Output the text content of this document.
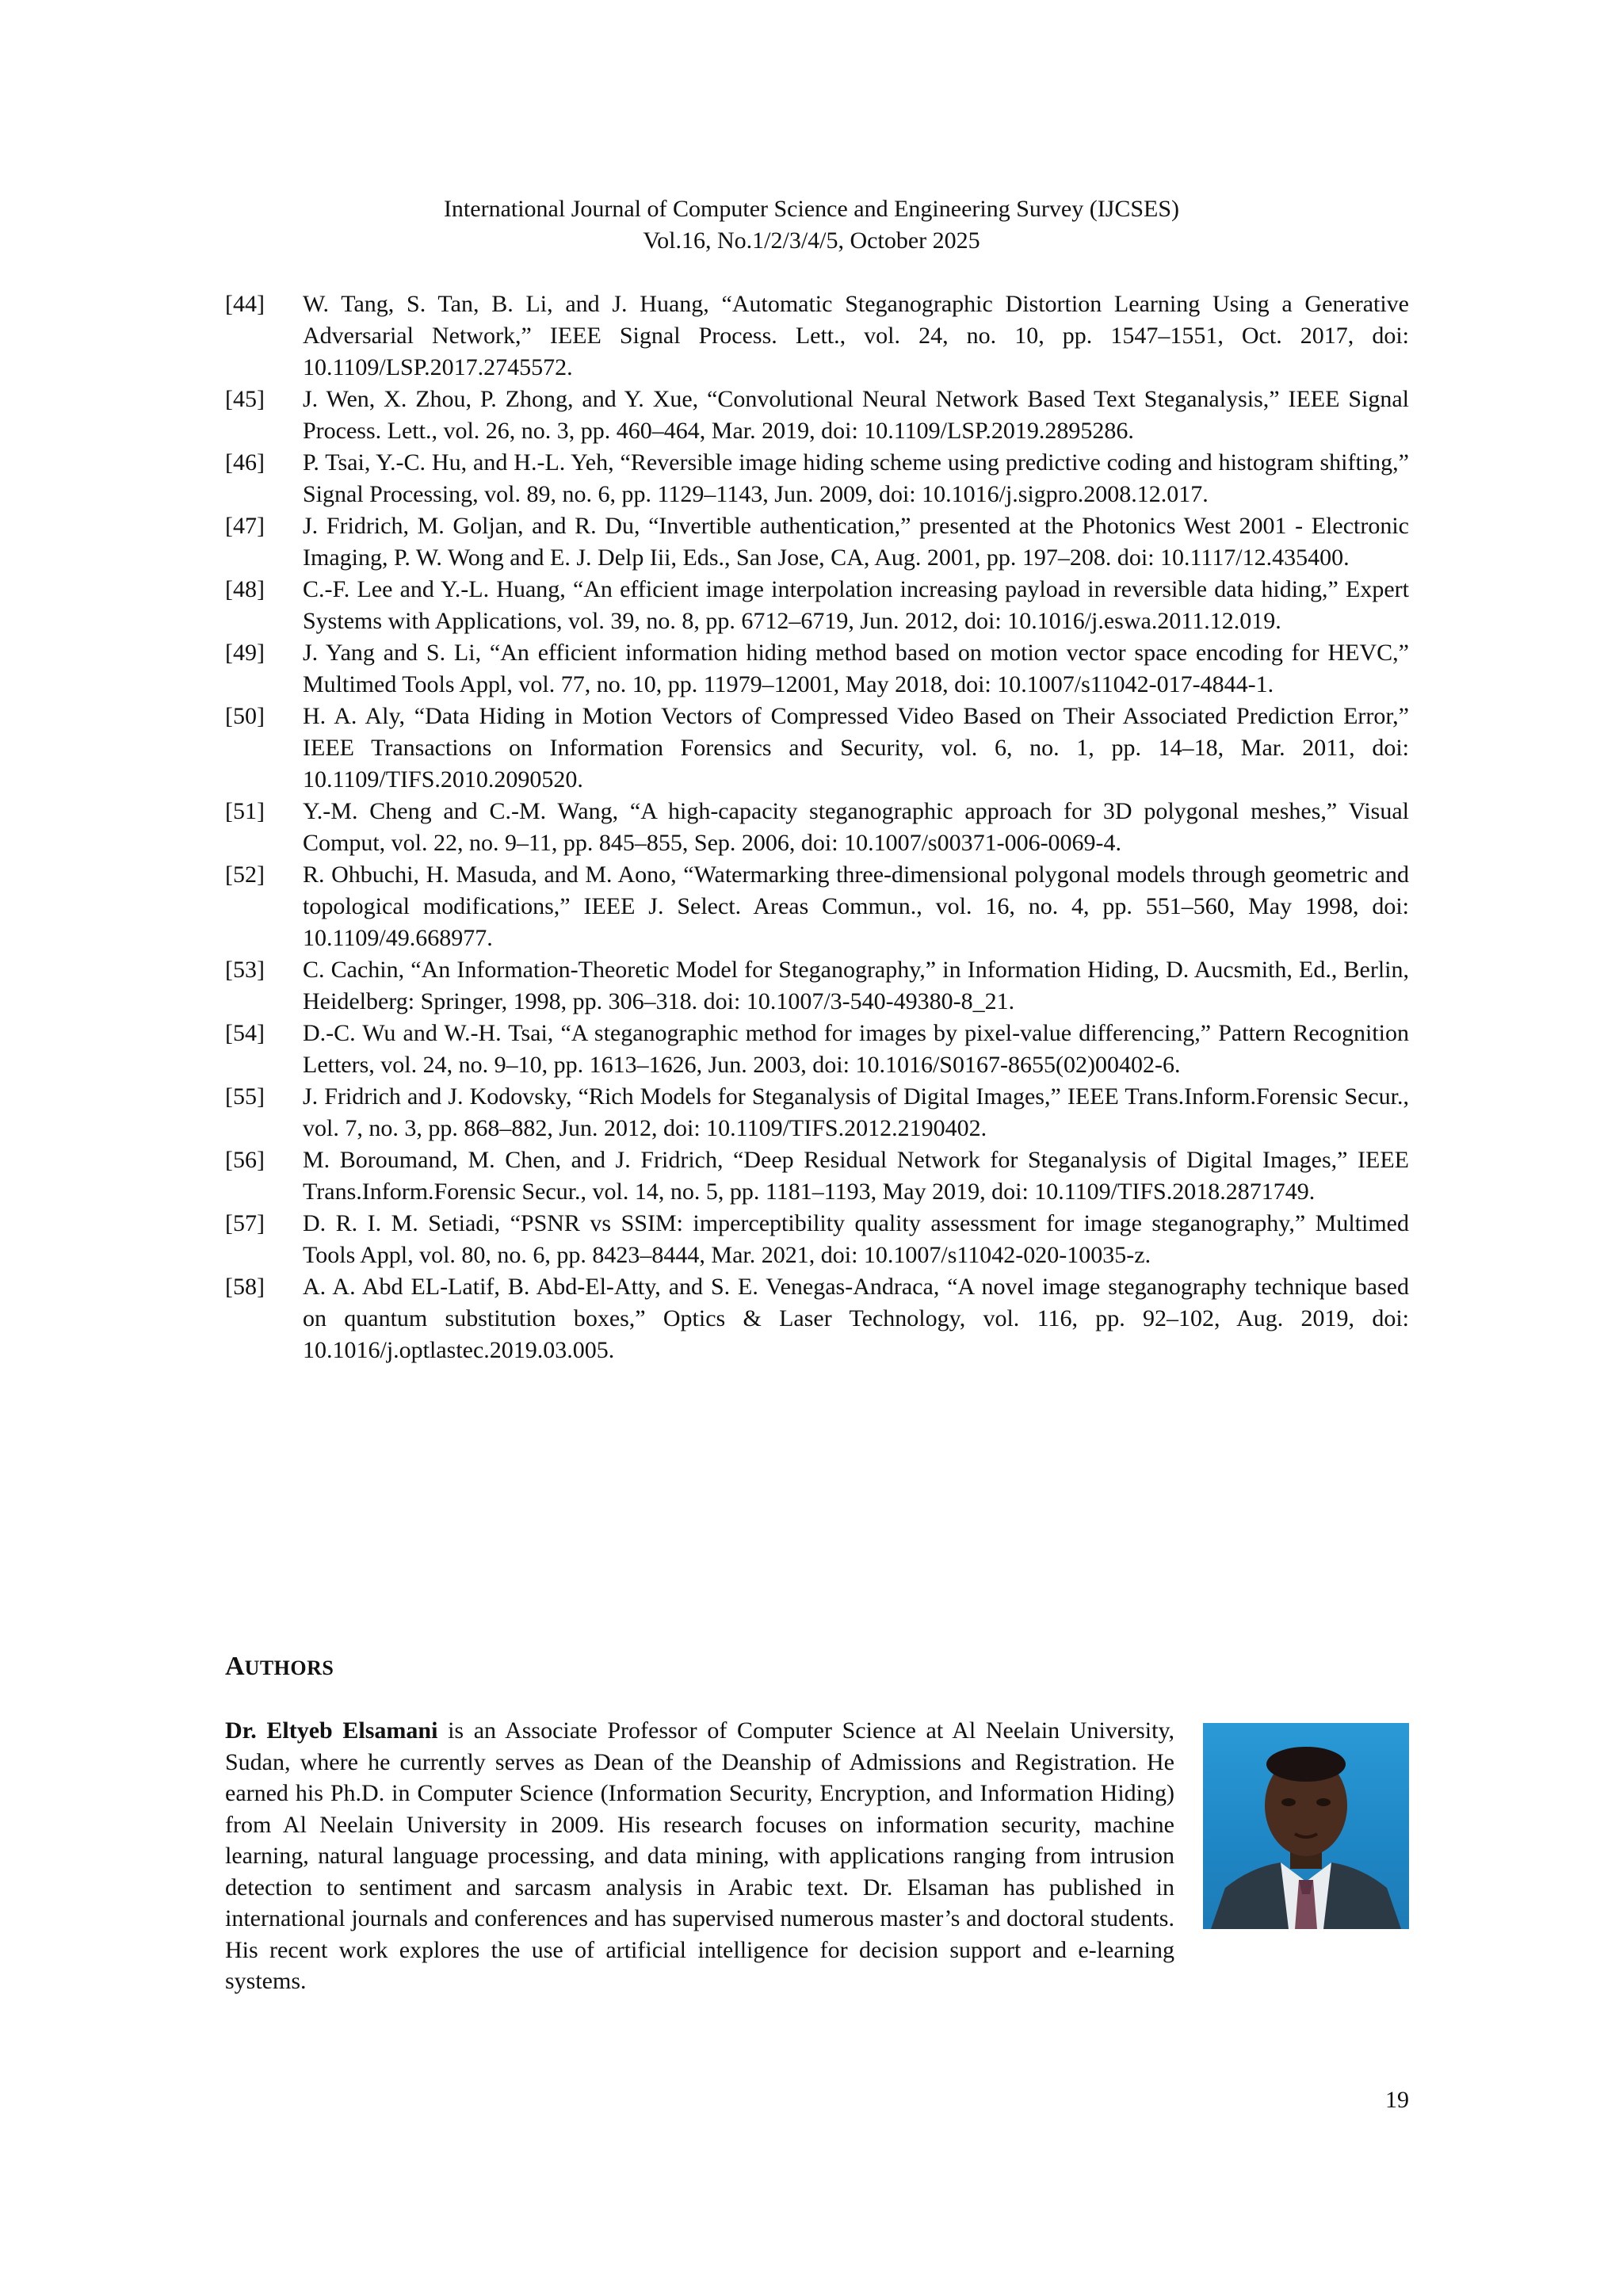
International Journal of Computer Science and Engineering Survey (IJCSES)
Vol.16, No.1/2/3/4/5, October 2025
[44]	W. Tang, S. Tan, B. Li, and J. Huang, “Automatic Steganographic Distortion Learning Using a Generative Adversarial Network,” IEEE Signal Process. Lett., vol. 24, no. 10, pp. 1547–1551, Oct. 2017, doi: 10.1109/LSP.2017.2745572.
[45]	J. Wen, X. Zhou, P. Zhong, and Y. Xue, “Convolutional Neural Network Based Text Steganalysis,” IEEE Signal Process. Lett., vol. 26, no. 3, pp. 460–464, Mar. 2019, doi: 10.1109/LSP.2019.2895286.
[46]	P. Tsai, Y.-C. Hu, and H.-L. Yeh, “Reversible image hiding scheme using predictive coding and histogram shifting,” Signal Processing, vol. 89, no. 6, pp. 1129–1143, Jun. 2009, doi: 10.1016/j.sigpro.2008.12.017.
[47]	J. Fridrich, M. Goljan, and R. Du, “Invertible authentication,” presented at the Photonics West 2001 - Electronic Imaging, P. W. Wong and E. J. Delp Iii, Eds., San Jose, CA, Aug. 2001, pp. 197–208. doi: 10.1117/12.435400.
[48]	C.-F. Lee and Y.-L. Huang, “An efficient image interpolation increasing payload in reversible data hiding,” Expert Systems with Applications, vol. 39, no. 8, pp. 6712–6719, Jun. 2012, doi: 10.1016/j.eswa.2011.12.019.
[49]	J. Yang and S. Li, “An efficient information hiding method based on motion vector space encoding for HEVC,” Multimed Tools Appl, vol. 77, no. 10, pp. 11979–12001, May 2018, doi: 10.1007/s11042-017-4844-1.
[50]	H. A. Aly, “Data Hiding in Motion Vectors of Compressed Video Based on Their Associated Prediction Error,” IEEE Transactions on Information Forensics and Security, vol. 6, no. 1, pp. 14–18, Mar. 2011, doi: 10.1109/TIFS.2010.2090520.
[51]	Y.-M. Cheng and C.-M. Wang, “A high-capacity steganographic approach for 3D polygonal meshes,” Visual Comput, vol. 22, no. 9–11, pp. 845–855, Sep. 2006, doi: 10.1007/s00371-006-0069-4.
[52]	R. Ohbuchi, H. Masuda, and M. Aono, “Watermarking three-dimensional polygonal models through geometric and topological modifications,” IEEE J. Select. Areas Commun., vol. 16, no. 4, pp. 551–560, May 1998, doi: 10.1109/49.668977.
[53]	C. Cachin, “An Information-Theoretic Model for Steganography,” in Information Hiding, D. Aucsmith, Ed., Berlin, Heidelberg: Springer, 1998, pp. 306–318. doi: 10.1007/3-540-49380-8_21.
[54]	D.-C. Wu and W.-H. Tsai, “A steganographic method for images by pixel-value differencing,” Pattern Recognition Letters, vol. 24, no. 9–10, pp. 1613–1626, Jun. 2003, doi: 10.1016/S0167-8655(02)00402-6.
[55]	J. Fridrich and J. Kodovsky, “Rich Models for Steganalysis of Digital Images,” IEEE Trans.Inform.Forensic Secur., vol. 7, no. 3, pp. 868–882, Jun. 2012, doi: 10.1109/TIFS.2012.2190402.
[56]	M. Boroumand, M. Chen, and J. Fridrich, “Deep Residual Network for Steganalysis of Digital Images,” IEEE Trans.Inform.Forensic Secur., vol. 14, no. 5, pp. 1181–1193, May 2019, doi: 10.1109/TIFS.2018.2871749.
[57]	D. R. I. M. Setiadi, “PSNR vs SSIM: imperceptibility quality assessment for image steganography,” Multimed Tools Appl, vol. 80, no. 6, pp. 8423–8444, Mar. 2021, doi: 10.1007/s11042-020-10035-z.
[58]	A. A. Abd EL-Latif, B. Abd-El-Atty, and S. E. Venegas-Andraca, “A novel image steganography technique based on quantum substitution boxes,” Optics & Laser Technology, vol. 116, pp. 92–102, Aug. 2019, doi: 10.1016/j.optlastec.2019.03.005.
AUTHORS
Dr. Eltyeb Elsamani is an Associate Professor of Computer Science at Al Neelain University, Sudan, where he currently serves as Dean of the Deanship of Admissions and Registration. He earned his Ph.D. in Computer Science (Information Security, Encryption, and Information Hiding) from Al Neelain University in 2009. His research focuses on information security, machine learning, natural language processing, and data mining, with applications ranging from intrusion detection to sentiment and sarcasm analysis in Arabic text. Dr. Elsaman has published in international journals and conferences and has supervised numerous master’s and doctoral students. His recent work explores the use of artificial intelligence for decision support and e-learning systems.
19
